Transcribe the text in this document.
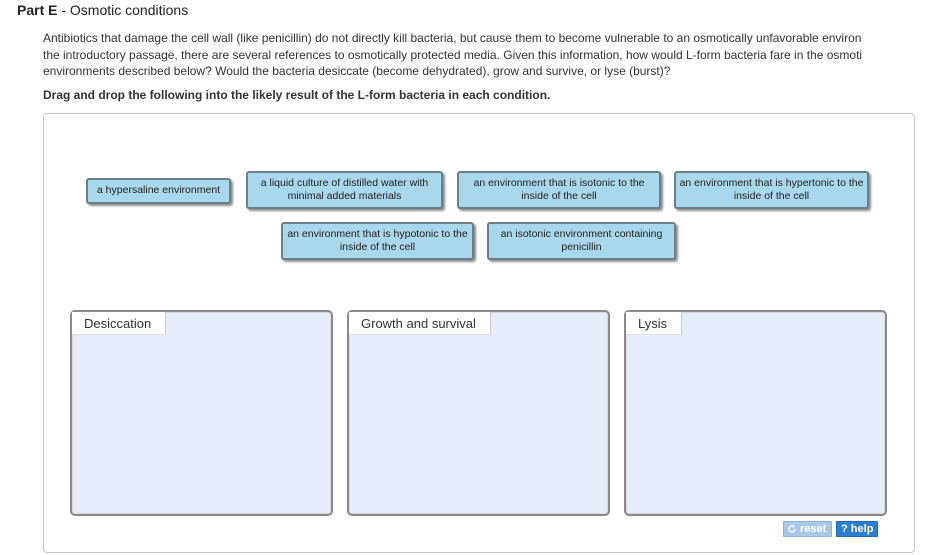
Part E - Osmotic conditions
Antibiotics that damage the cell wall (like penicillin) do not directly kill bacteria, but cause them to become vulnerable to an osmotically unfavorable environ
the introductory passage, there are several references to osmotically protected media. Given this information, how would L-form bacteria fare in the osmoti
environments described below? Would the bacteria desiccate (become dehydrated), grow and survive, or lyse (burst)?
Drag and drop the following into the likely result of the L-form bacteria in each condition.
a hypersaline environment
a liquid culture of distilled water with minimal added materials
an environment that is isotonic to the inside of the cell
an environment that is hypertonic to the inside of the cell
an environment that is hypotonic to the inside of the cell
an isotonic environment containing penicillin
Desiccation	Growth and survival	Lysis
reset ?
help
